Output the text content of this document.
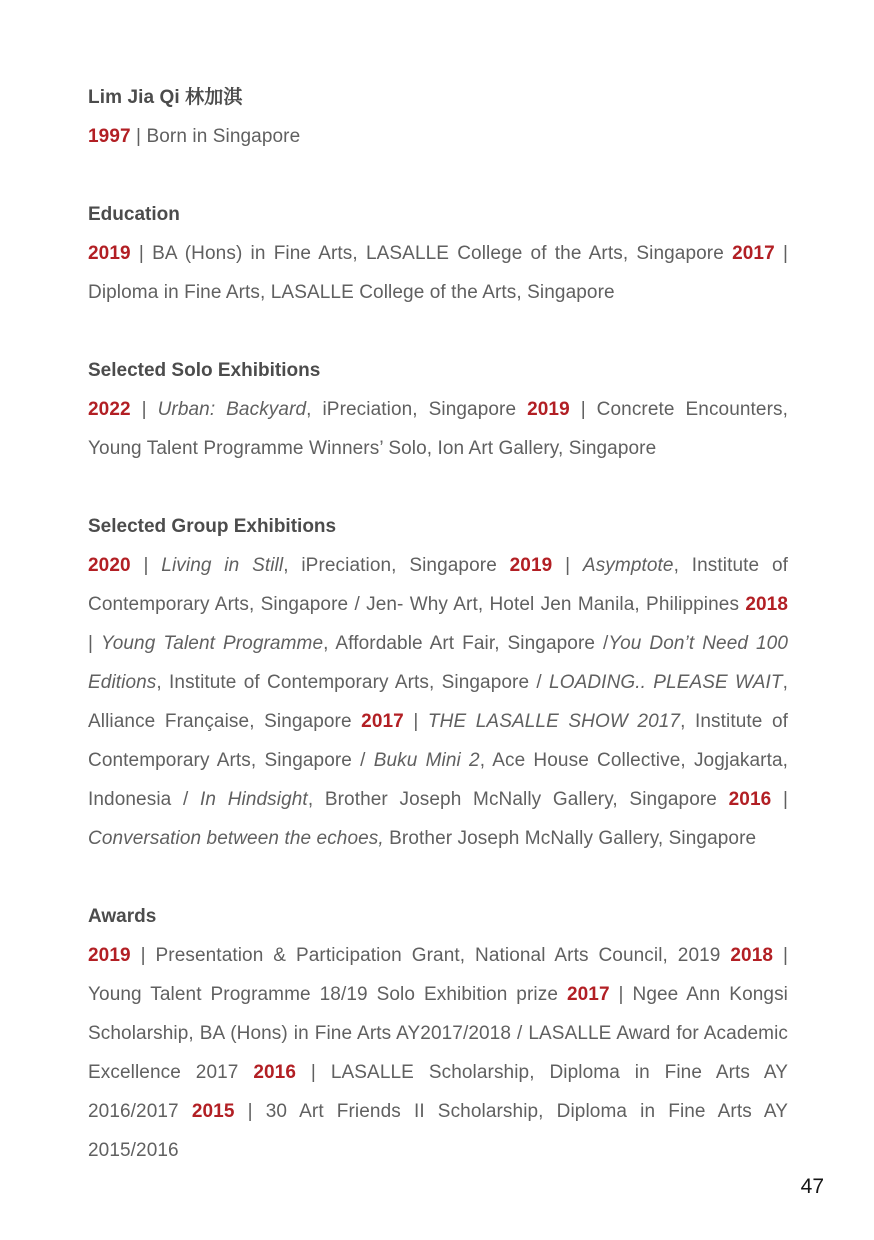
Lim Jia Qi 林加淇
1997 | Born in Singapore
Education
2019 | BA (Hons) in Fine Arts, LASALLE College of the Arts, Singapore 2017 | Diploma in Fine Arts, LASALLE College of the Arts, Singapore
Selected Solo Exhibitions
2022 | Urban: Backyard, iPreciation, Singapore 2019 | Concrete Encounters, Young Talent Programme Winners’ Solo, Ion Art Gallery, Singapore
Selected Group Exhibitions
2020 | Living in Still, iPreciation, Singapore 2019 | Asymptote, Institute of Contemporary Arts, Singapore / Jen- Why Art, Hotel Jen Manila, Philippines 2018 | Young Talent Programme, Affordable Art Fair, Singapore /You Don’t Need 100 Editions, Institute of Contemporary Arts, Singapore / LOADING.. PLEASE WAIT, Alliance Française, Singapore 2017 | THE LASALLE SHOW 2017, Institute of Contemporary Arts, Singapore / Buku Mini 2, Ace House Collective, Jogjakarta, Indonesia / In Hindsight, Brother Joseph McNally Gallery, Singapore 2016 | Conversation between the echoes, Brother Joseph McNally Gallery, Singapore
Awards
2019 | Presentation & Participation Grant, National Arts Council, 2019 2018 | Young Talent Programme 18/19 Solo Exhibition prize 2017 | Ngee Ann Kongsi Scholarship, BA (Hons) in Fine Arts AY2017/2018 / LASALLE Award for Academic Excellence 2017 2016 | LASALLE Scholarship, Diploma in Fine Arts AY 2016/2017 2015 | 30 Art Friends II Scholarship, Diploma in Fine Arts AY 2015/2016
47
